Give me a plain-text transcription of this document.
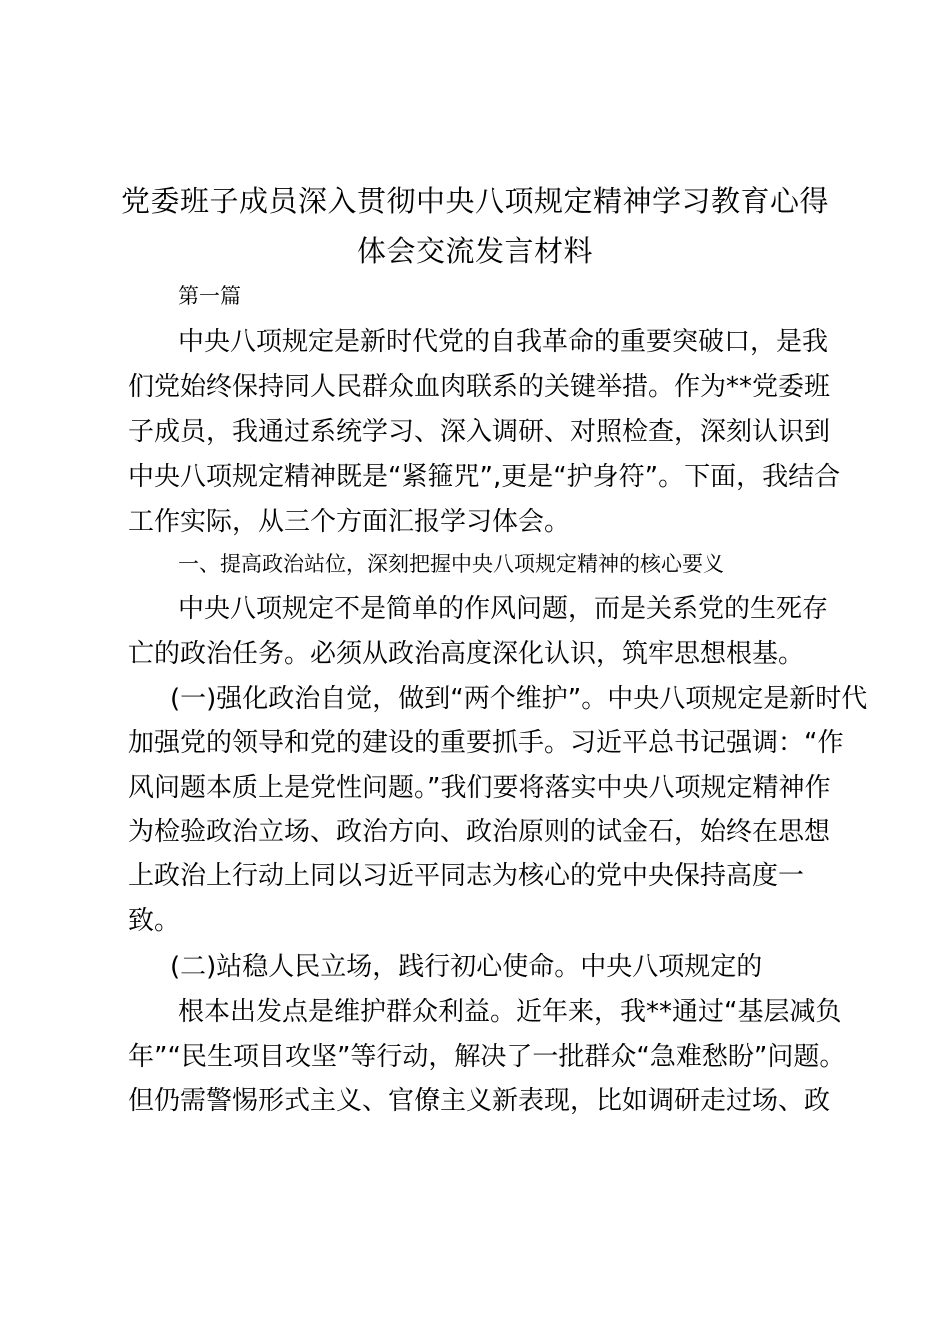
党委班子成员深入贯彻中央八项规定精神学习教育心得
体会交流发言材料

第一篇

中央八项规定是新时代党的自我革命的重要突破口，是我

们党始终保持同人民群众血肉联系的关键举措。作为**党委班

子成员，我通过系统学习、深入调研、对照检查，深刻认识到

中央八项规定精神既是“紧箍咒”,更是“护身符”。下面，我结合

工作实际，从三个方面汇报学习体会。

一、提高政治站位，深刻把握中央八项规定精神的核心要义

中央八项规定不是简单的作风问题，而是关系党的生死存

亡的政治任务。必须从政治高度深化认识，筑牢思想根基。

(一)强化政治自觉，做到“两个维护”。中央八项规定是新时代

加强党的领导和党的建设的重要抓手。习近平总书记强调：“作

风问题本质上是党性问题。”我们要将落实中央八项规定精神作

为检验政治立场、政治方向、政治原则的试金石，始终在思想

上政治上行动上同以习近平同志为核心的党中央保持高度一

致。

(二)站稳人民立场，践行初心使命。中央八项规定的

根本出发点是维护群众利益。近年来，我**通过“基层减负

年”“民生项目攻坚”等行动，解决了一批群众“急难愁盼”问题。

但仍需警惕形式主义、官僚主义新表现，比如调研走过场、政
